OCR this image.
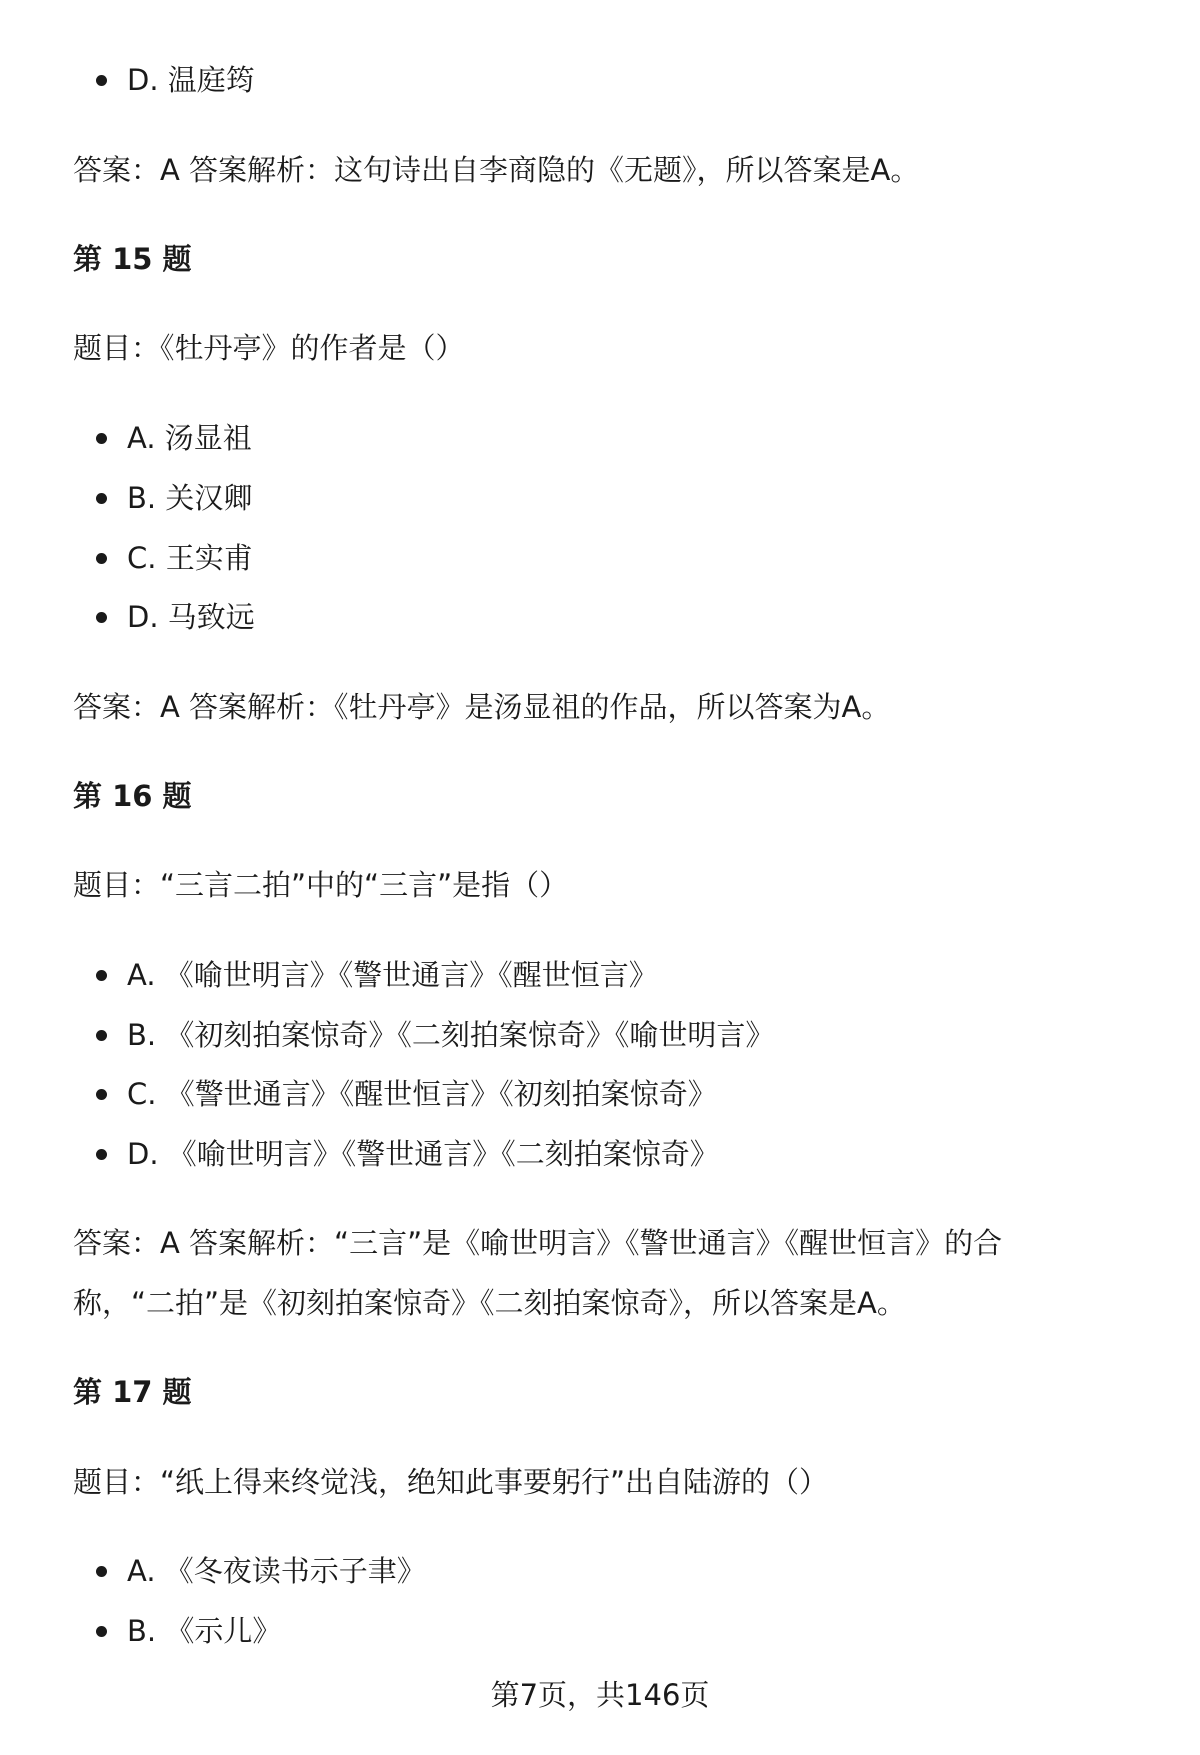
D. 温庭筠
答案：A 答案解析：这句诗出自李商隐的《无题》，所以答案是A。
第 15 题
题目：《牡丹亭》的作者是（）
A. 汤显祖
B. 关汉卿
C. 王实甫
D. 马致远
答案：A 答案解析：《牡丹亭》是汤显祖的作品，所以答案为A。
第 16 题
题目：“三言二拍”中的“三言”是指（）
A. 《喻世明言》《警世通言》《醒世恒言》
B. 《初刻拍案惊奇》《二刻拍案惊奇》《喻世明言》
C. 《警世通言》《醒世恒言》《初刻拍案惊奇》
D. 《喻世明言》《警世通言》《二刻拍案惊奇》
答案：A 答案解析：“三言”是《喻世明言》《警世通言》《醒世恒言》的合
称，“二拍”是《初刻拍案惊奇》《二刻拍案惊奇》，所以答案是A。
第 17 题
题目：“纸上得来终觉浅，绝知此事要躬行”出自陆游的（）
A. 《冬夜读书示子聿》
B. 《示儿》
第7页，共146页
